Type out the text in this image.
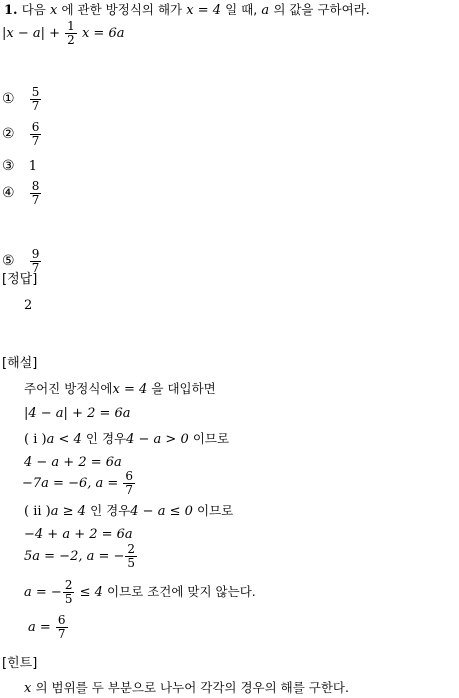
1. 다음 x 에 관한 방정식의 해가 x = 4 일 때, a 의 값을 구하여라.
$|x - a| + \frac{1}{2}$ x = 6a
① $\frac{5}{7}$
② $\frac{6}{7}$
③ 1
④ $\frac{8}{7}$
⑤ $\frac{9}{7}$
[정답]
2
[해설]
주어진 방정식에x = 4 을 대입하면
|4 − a| + 2 = 6a
( i )a < 4 인 경우4 − a > 0 이므로
4 − a + 2 = 6a
−7a = −6, $a = \frac{6}{7}$
( ii )a ≥ 4 인 경우4 − a ≤ 0 이므로
−4 + a + 2 = 6a
5a = −2, a = − $\frac{2}{5}$
a = − $\frac{2}{5} \le 4$ 이므로 조건에 맞지 않는다.
$a = \frac{6}{7}$
[힌트]
x 의 범위를 두 부분으로 나누어 각각의 경우의 해를 구한다.
